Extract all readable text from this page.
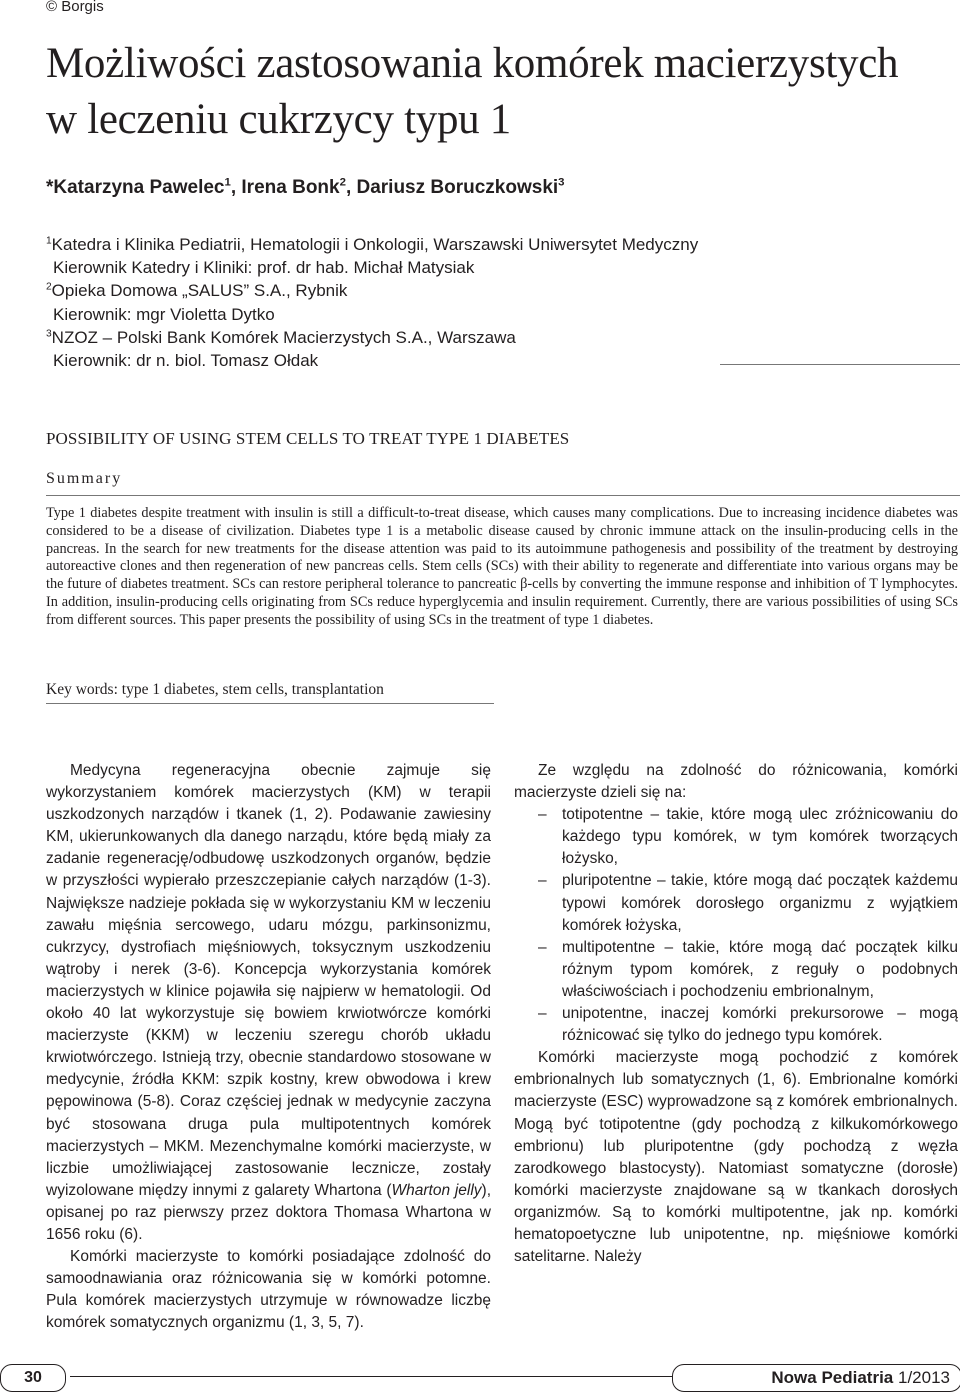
© Borgis
Możliwości zastosowania komórek macierzystych
w leczeniu cukrzycy typu 1
*Katarzyna Pawelec$^1$, Irena Bonk$^2$, Dariusz Boruczkowski$^3$
$^1$Katedra i Klinika Pediatrii, Hematologii i Onkologii, Warszawski Uniwersytet Medyczny
Kierownik Katedry i Kliniki: prof. dr hab. Michał Matysiak
$^2$Opieka Domowa „SALUS” S.A., Rybnik
Kierownik: mgr Violetta Dytko
$^3$NZOZ – Polski Bank Komórek Macierzystych S.A., Warszawa
Kierownik: dr n. biol. Tomasz Ołdak
POSSIBILITY OF USING STEM CELLS TO TREAT TYPE 1 DIABETES
Summary
Type 1 diabetes despite treatment with insulin is still a difficult-to-treat disease, which causes many complications. Due to increasing incidence diabetes was considered to be a disease of civilization. Diabetes type 1 is a metabolic disease caused by chronic immune attack on the insulin-producing cells in the pancreas. In the search for new treatments for the disease attention was paid to its autoimmune pathogenesis and possibility of the treatment by destroying autoreactive clones and then regeneration of new pancreas cells. Stem cells (SCs) with their ability to regenerate and differentiate into various organs may be the future of diabetes treatment. SCs can restore peripheral tolerance to pancreatic β-cells by converting the immune response and inhibition of T lymphocytes. In addition, insulin-producing cells originating from SCs reduce hyperglycemia and insulin requirement. Currently, there are various possibilities of using SCs from different sources. This paper presents the possibility of using SCs in the treatment of type 1 diabetes.
Key words: type 1 diabetes, stem cells, transplantation

Medycyna regeneracyjna obecnie zajmuje się wykorzystaniem komórek macierzystych (KM) w terapii uszkodzonych narządów i tkanek (1, 2). Podawanie zawiesiny KM, ukierunkowanych dla danego narządu, które będą miały za zadanie regenerację/odbudowę uszkodzonych organów, będzie w przyszłości wypierało przeszczepianie całych narządów (1-3). Największe nadzieje pokłada się w wykorzystaniu KM w leczeniu zawału mięśnia sercowego, udaru mózgu, parkinsonizmu, cukrzycy, dystrofiach mięśniowych, toksycznym uszkodzeniu wątroby i nerek (3-6). Koncepcja wykorzystania komórek macierzystych w klinice pojawiła się najpierw w hematologii. Od około 40 lat wykorzystuje się bowiem krwiotwórcze komórki macierzyste (KKM) w leczeniu szeregu chorób układu krwiotwórczego. Istnieją trzy, obecnie standardowo stosowane w medycynie, źródła KKM: szpik kostny, krew obwodowa i krew pępowinowa (5-8). Coraz częściej jednak w medycynie zaczyna być stosowana druga pula multipotentnych komórek macierzystych – MKM. Mezenchymalne komórki macierzyste, w liczbie umożliwiającej zastosowanie lecznicze, zostały wyizolowane między innymi z galarety Whartona (Wharton jelly), opisanej po raz pierwszy przez doktora Thomasa Whartona w 1656 roku (6).

Komórki macierzyste to komórki posiadające zdolność do samoodnawiania oraz różnicowania się w komórki potomne. Pula komórek macierzystych utrzymuje w równowadze liczbę komórek somatycznych organizmu (1, 3, 5, 7).

Ze względu na zdolność do różnicowania, komórki macierzyste dzieli się na:

– totipotentne – takie, które mogą ulec zróżnicowaniu do każdego typu komórek, w tym komórek tworzących łożysko,
– pluripotentne – takie, które mogą dać początek każdemu typowi komórek dorosłego organizmu z wyjątkiem komórek łożyska,
– multipotentne – takie, które mogą dać początek kilku różnym typom komórek, z reguły o podobnych właściwościach i pochodzeniu embrionalnym,
– unipotentne, inaczej komórki prekursorowe – mogą różnicować się tylko do jednego typu komórek.

Komórki macierzyste mogą pochodzić z komórek embrionalnych lub somatycznych (1, 6). Embrionalne komórki macierzyste (ESC) wyprowadzone są z komórek embrionalnych. Mogą być totipotentne (gdy pochodzą z kilkukomórkowego embrionu) lub pluripotentne (gdy pochodzą z węzła zarodkowego blastocysty). Natomiast somatyczne (dorosłe) komórki macierzyste znajdowane są w tkankach dorosłych organizmów. Są to komórki multipotentne, jak np. komórki hematopoetyczne lub unipotentne, np. mięśniowe komórki satelitarne. Należy

30	Nowa Pediatria 1/2013
